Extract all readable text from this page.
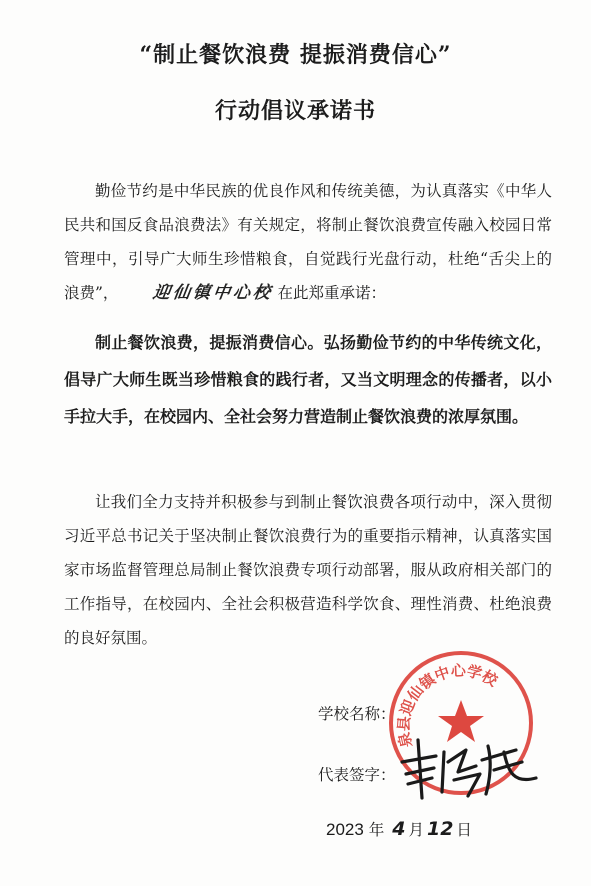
“制止餐饮浪费 提振消费信心”
行动倡议承诺书

勤俭节约是中华民族的优良作风和传统美德，为认真落实《中华人民共和国反食品浪费法》有关规定，将制止餐饮浪费宣传融入校园日常管理中，引导广大师生珍惜粮食，自觉践行光盘行动，杜绝“舌尖上的浪费”， 迎仙镇中心校 在此郑重承诺：

制止餐饮浪费，提振消费信心。弘扬勤俭节约的中华传统文化，倡导广大师生既当珍惜粮食的践行者，又当文明理念的传播者，以小手拉大手，在校园内、全社会努力营造制止餐饮浪费的浓厚氛围。

让我们全力支持并积极参与到制止餐饮浪费各项行动中，深入贯彻习近平总书记关于坚决制止餐饮浪费行为的重要指示精神，认真落实国家市场监督管理总局制止餐饮浪费专项行动部署，服从政府相关部门的工作指导，在校园内、全社会积极营造科学饮食、理性消费、杜绝浪费的良好氛围。

泉县迎仙镇中心学校
学校名称：
代表签字：
2023 年 4 月 12 日
